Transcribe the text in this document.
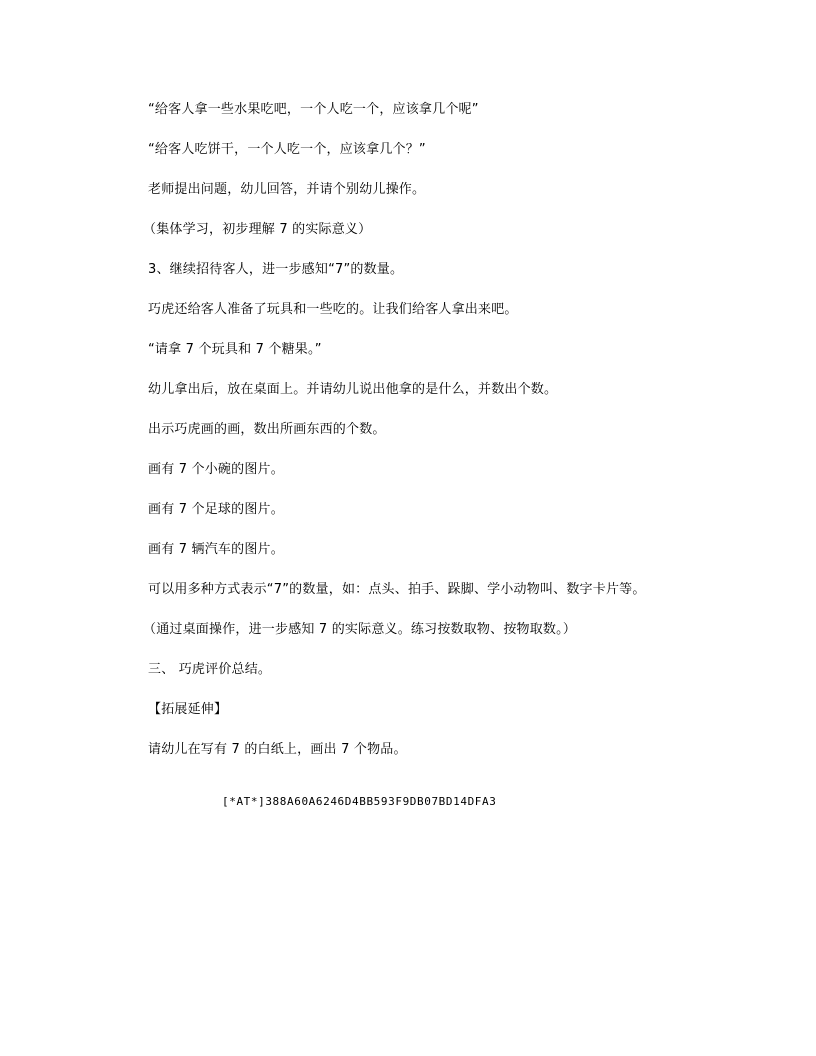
“给客人拿一些水果吃吧，一个人吃一个，应该拿几个呢”
“给客人吃饼干，一个人吃一个，应该拿几个？”
老师提出问题，幼儿回答，并请个别幼儿操作。
（集体学习，初步理解 7 的实际意义）
3、继续招待客人，进一步感知“7”的数量。
巧虎还给客人准备了玩具和一些吃的。让我们给客人拿出来吧。
“请拿 7 个玩具和 7 个糖果。”
幼儿拿出后，放在桌面上。并请幼儿说出他拿的是什么，并数出个数。
出示巧虎画的画，数出所画东西的个数。
画有 7 个小碗的图片。
画有 7 个足球的图片。
画有 7 辆汽车的图片。
可以用多种方式表示“7”的数量，如：点头、拍手、跺脚、学小动物叫、数字卡片等。
（通过桌面操作，进一步感知 7 的实际意义。练习按数取物、按物取数。）
三、 巧虎评价总结。
【拓展延伸】
请幼儿在写有 7 的白纸上，画出 7 个物品。
[*AT*]388A60A6246D4BB593F9DB07BD14DFA3
